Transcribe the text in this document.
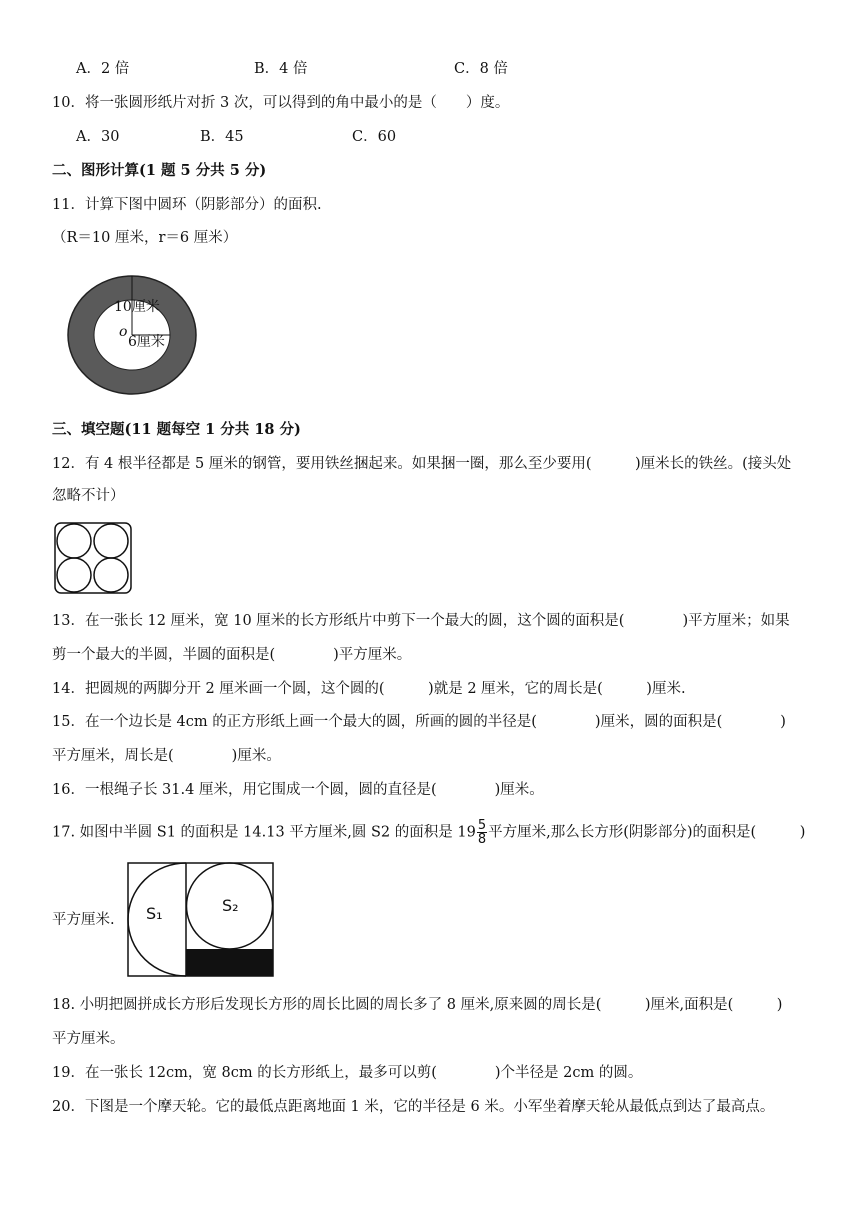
A．2 倍	B．4 倍	C．8 倍
10．将一张圆形纸片对折 3 次，可以得到的角中最小的是（　　）度。
A．30	B．45	C．60
二、图形计算(1 题 5 分共 5 分)
11．计算下图中圆环（阴影部分）的面积.
（R＝10 厘米，r＝6 厘米）
10厘米
o
6厘米
三、填空题(11 题每空 1 分共 18 分)
12．有 4 根半径都是 5 厘米的钢管，要用铁丝捆起来。如果捆一圈，那么至少要用(　　　)厘米长的铁丝。(接头处
忽略不计）
13．在一张长 12 厘米，宽 10 厘米的长方形纸片中剪下一个最大的圆，这个圆的面积是(　　　　)平方厘米；如果
剪一个最大的半圆，半圆的面积是(　　　　)平方厘米。
14．把圆规的两脚分开 2 厘米画一个圆，这个圆的(　　　)就是 2 厘米，它的周长是(　　　)厘米.
15．在一个边长是 4cm 的正方形纸上画一个最大的圆，所画的圆的半径是(　　　　)厘米，圆的面积是(　　　　)
平方厘米，周长是(　　　　)厘米。
16．一根绳子长 31.4 厘米，用它围成一个圆，圆的直径是(　　　　)厘米。
17. 如图中半圆 S1 的面积是 14.13 平方厘米,圆 S2 的面积是 $19 \frac{5}{8}$ 平方厘米,那么长方形(阴影部分)的面积是(　　　)
平方厘米. S₁	S₂
18. 小明把圆拼成长方形后发现长方形的周长比圆的周长多了 8 厘米,原来圆的周长是(　　　)厘米,面积是(　　　)
平方厘米。
19．在一张长 12cm，宽 8cm 的长方形纸上，最多可以剪(　　　　)个半径是 2cm 的圆。
20．下图是一个摩天轮。它的最低点距离地面 1 米，它的半径是 6 米。小军坐着摩天轮从最低点到达了最高点。
